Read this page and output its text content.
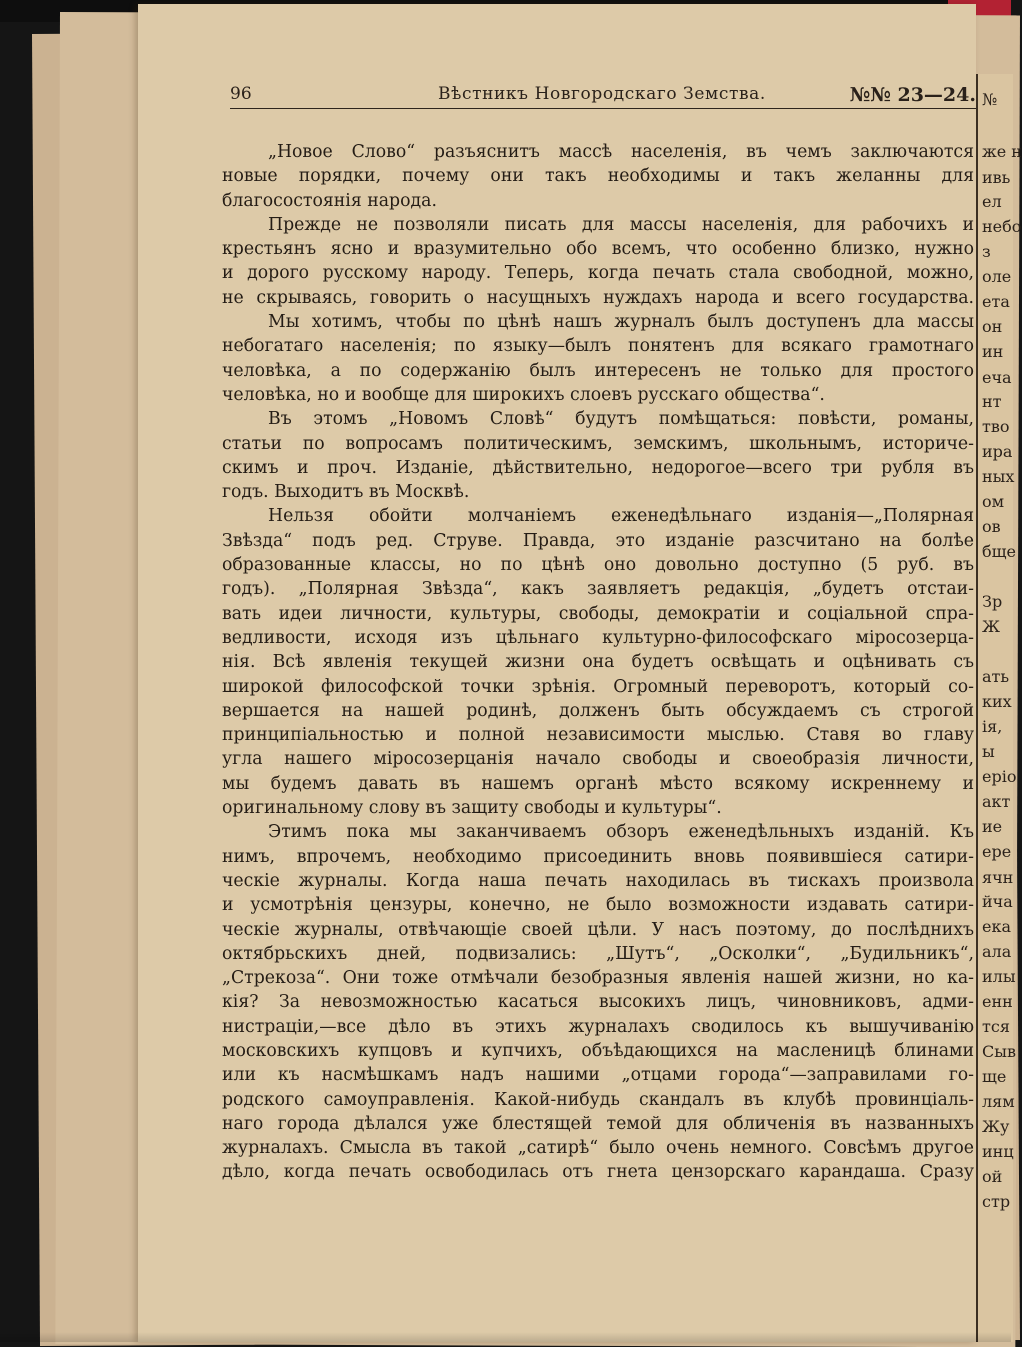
№
же н
ивь
ел
небо
з
оле
ета
он
ин
еча
нт
тво
ира
ных
ом
ов
бще
Зр
Ж
ать
ких
ія,
ы
еріо
акт
ие
ере
ячн
йча
ека
ала
илы
енн
тся
Сыв
ще
лям
Жу
инц
ой
стр
96	Вѣстникъ Новгородскаго Земства.	№№ 23—24.
„Новое Слово“ разъяснитъ массѣ населенія, въ чемъ заключаются
новые порядки, почему они такъ необходимы и такъ желанны для
благосостоянія народа.
Прежде не позволяли писать для массы населенія, для рабочихъ и
крестьянъ ясно и вразумительно обо всемъ, что особенно близко, нужно
и дорого русскому народу. Теперь, когда печать стала свободной, можно,
не скрываясь, говорить о насущныхъ нуждахъ народа и всего государства.
Мы хотимъ, чтобы по цѣнѣ нашъ журналъ былъ доступенъ дла массы
небогатаго населенія; по языку—былъ понятенъ для всякаго грамотнаго
человѣка, а по содержанію былъ интересенъ не только для простого
человѣка, но и вообще для широкихъ слоевъ русскаго общества“.
Въ этомъ „Новомъ Словѣ“ будутъ помѣщаться: повѣсти, романы,
статьи по вопросамъ политическимъ, земскимъ, школьнымъ, историче-
скимъ и проч. Изданіе, дѣйствительно, недорогое—всего три рубля въ
годъ. Выходитъ въ Москвѣ.
Нельзя обойти молчаніемъ еженедѣльнаго изданія—„Полярная
Звѣзда“ подъ ред. Струве. Правда, это изданіе разсчитано на болѣе
образованные классы, но по цѣнѣ оно довольно доступно (5 руб. въ
годъ). „Полярная Звѣзда“, какъ заявляетъ редакція, „будетъ отстаи-
вать идеи личности, культуры, свободы, демократіи и соціальной спра-
ведливости, исходя изъ цѣльнаго культурно-философскаго міросозерца-
нія. Всѣ явленія текущей жизни она будетъ освѣщать и оцѣнивать съ
широкой философской точки зрѣнія. Огромный переворотъ, который со-
вершается на нашей родинѣ, долженъ быть обсуждаемъ съ строгой
принципіальностью и полной независимости мыслью. Ставя во главу
угла нашего міросозерцанія начало свободы и своеобразія личности,
мы будемъ давать въ нашемъ органѣ мѣсто всякому искреннему и
оригинальному слову въ защиту свободы и культуры“.
Этимъ пока мы заканчиваемъ обзоръ еженедѣльныхъ изданій. Къ
нимъ, впрочемъ, необходимо присоединить вновь появившіеся сатири-
ческіе журналы. Когда наша печать находилась въ тискахъ произвола
и усмотрѣнія цензуры, конечно, не было возможности издавать сатири-
ческіе журналы, отвѣчающіе своей цѣли. У насъ поэтому, до послѣднихъ
октябрьскихъ дней, подвизались: „Шутъ“, „Осколки“, „Будильникъ“,
„Стрекоза“. Они тоже отмѣчали безобразныя явленія нашей жизни, но ка-
кія? За невозможностью касаться высокихъ лицъ, чиновниковъ, адми-
нистраціи,—все дѣло въ этихъ журналахъ сводилось къ вышучиванію
московскихъ купцовъ и купчихъ, объѣдающихся на масленицѣ блинами
или къ насмѣшкамъ надъ нашими „отцами города“—заправилами го-
родского самоуправленія. Какой-нибудь скандалъ въ клубѣ провинціаль-
наго города дѣлался уже блестящей темой для обличенія въ названныхъ
журналахъ. Смысла въ такой „сатирѣ“ было очень немного. Совсѣмъ другое
дѣло, когда печать освободилась отъ гнета цензорскаго карандаша. Сразу
